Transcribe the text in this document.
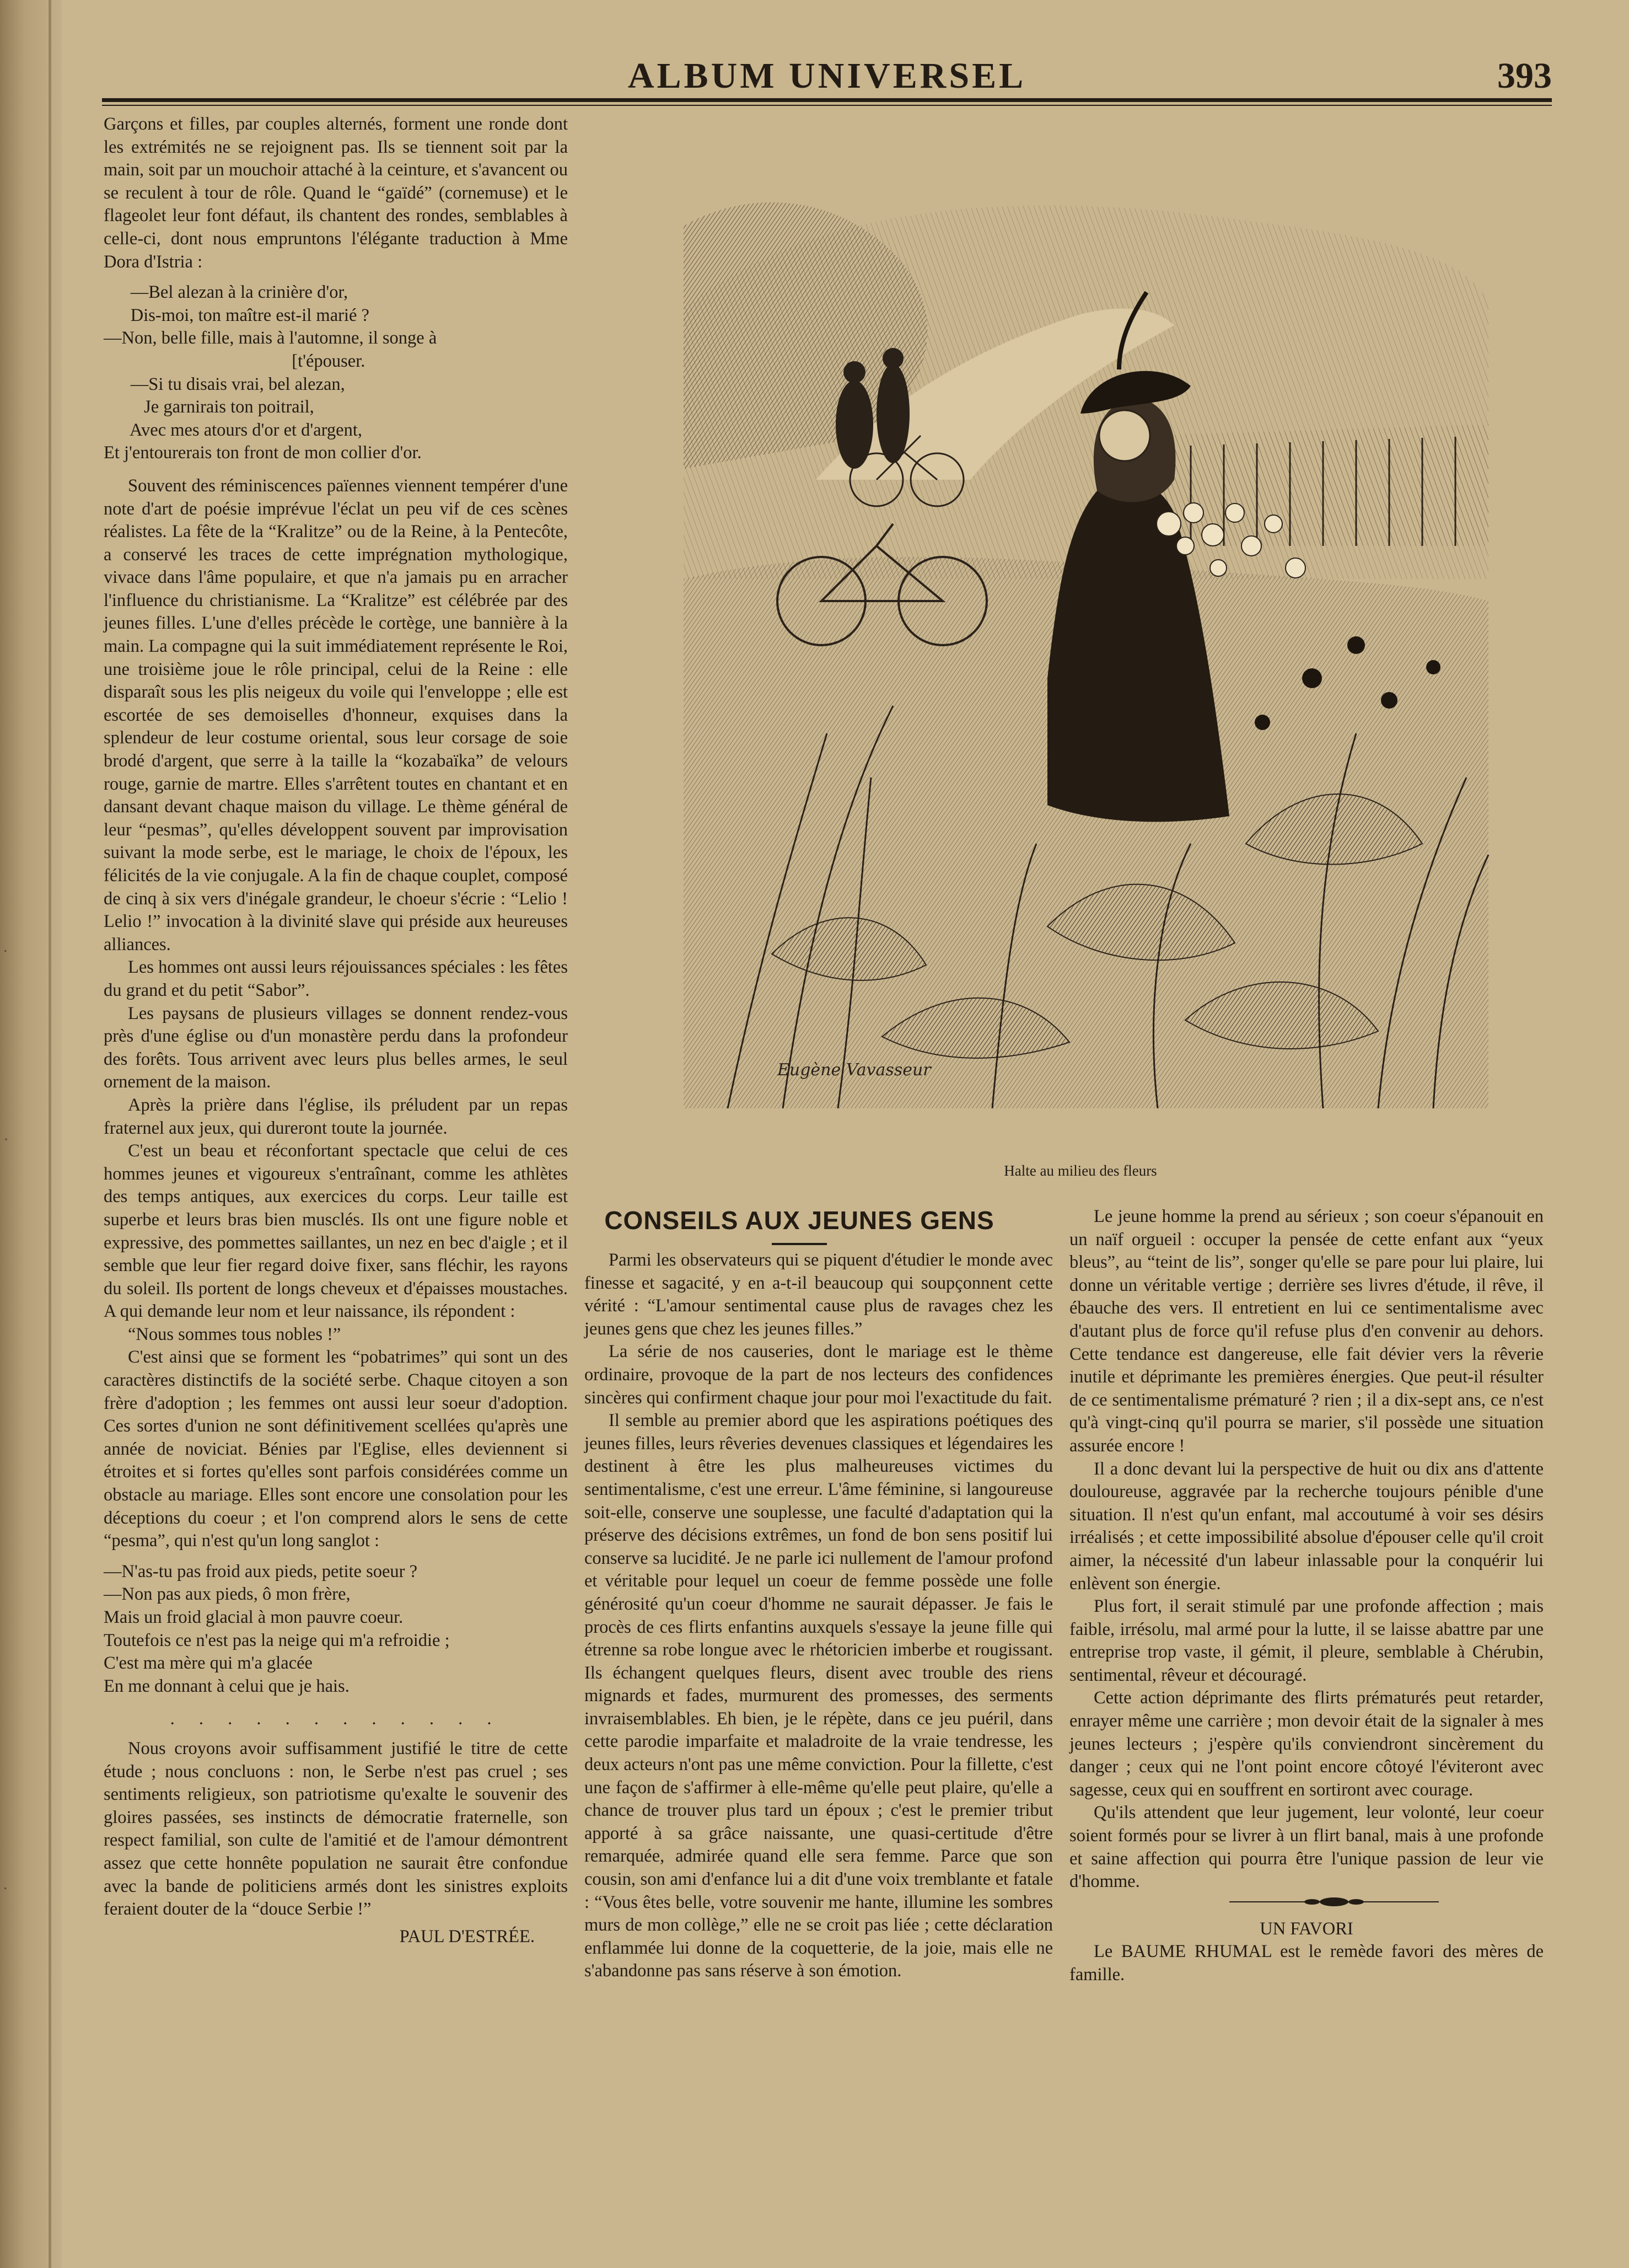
.
·
.
ALBUM UNIVERSEL	393

Garçons et filles, par couples alternés, forment une ronde dont les extrémités ne se rejoignent pas. Ils se tiennent soit par la main, soit par un mouchoir attaché à la ceinture, et s'avancent ou se reculent à tour de rôle. Quand le “gaïdé” (cornemuse) et le flageolet leur font défaut, ils chantent des rondes, semblables à celle-ci, dont nous empruntons l'élégante traduction à Mme Dora d'Istria :

—Bel alezan à la crinière d'or,
Dis-moi, ton maître est-il marié ?
—Non, belle fille, mais à l'automne, il songe à
[t'épouser.
—Si tu disais vrai, bel alezan,
Je garnirais ton poitrail,
Avec mes atours d'or et d'argent,
Et j'entourerais ton front de mon collier d'or.

Souvent des réminiscences païennes viennent tempérer d'une note d'art de poésie imprévue l'éclat un peu vif de ces scènes réalistes. La fête de la “Kralitze” ou de la Reine, à la Pentecôte, a conservé les traces de cette imprégnation mythologique, vivace dans l'âme populaire, et que n'a jamais pu en arracher l'influence du christianisme. La “Kralitze” est célébrée par des jeunes filles. L'une d'elles précède le cortège, une bannière à la main. La compagne qui la suit immédiatement représente le Roi, une troisième joue le rôle principal, celui de la Reine : elle disparaît sous les plis neigeux du voile qui l'enveloppe ; elle est escortée de ses demoiselles d'honneur, exquises dans la splendeur de leur costume oriental, sous leur corsage de soie brodé d'argent, que serre à la taille la “kozabaïka” de velours rouge, garnie de martre. Elles s'arrêtent toutes en chantant et en dansant devant chaque maison du village. Le thème général de leur “pesmas”, qu'elles développent souvent par improvisation suivant la mode serbe, est le mariage, le choix de l'époux, les félicités de la vie conjugale. A la fin de chaque couplet, composé de cinq à six vers d'inégale grandeur, le choeur s'écrie : “Lelio ! Lelio !” invocation à la divinité slave qui préside aux heureuses alliances.

Les hommes ont aussi leurs réjouissances spéciales : les fêtes du grand et du petit “Sabor”.

Les paysans de plusieurs villages se donnent rendez-vous près d'une église ou d'un monastère perdu dans la profondeur des forêts. Tous arrivent avec leurs plus belles armes, le seul ornement de la maison.

Après la prière dans l'église, ils préludent par un repas fraternel aux jeux, qui dureront toute la journée.

C'est un beau et réconfortant spectacle que celui de ces hommes jeunes et vigoureux s'entraînant, comme les athlètes des temps antiques, aux exercices du corps. Leur taille est superbe et leurs bras bien musclés. Ils ont une figure noble et expressive, des pommettes saillantes, un nez en bec d'aigle ; et il semble que leur fier regard doive fixer, sans fléchir, les rayons du soleil. Ils portent de longs cheveux et d'épaisses moustaches. A qui demande leur nom et leur naissance, ils répondent :

“Nous sommes tous nobles !”

C'est ainsi que se forment les “pobatrimes” qui sont un des caractères distinctifs de la société serbe. Chaque citoyen a son frère d'adoption ; les femmes ont aussi leur soeur d'adoption. Ces sortes d'union ne sont définitivement scellées qu'après une année de noviciat. Bénies par l'Eglise, elles deviennent si étroites et si fortes qu'elles sont parfois considérées comme un obstacle au mariage. Elles sont encore une consolation pour les déceptions du coeur ; et l'on comprend alors le sens de cette “pesma”, qui n'est qu'un long sanglot :

—N'as-tu pas froid aux pieds, petite soeur ?
—Non pas aux pieds, ô mon frère,
Mais un froid glacial à mon pauvre coeur.
Toutefois ce n'est pas la neige qui m'a refroidie ;
C'est ma mère qui m'a glacée
En me donnant à celui que je hais.
. . . . . . . . . . . .

Nous croyons avoir suffisamment justifié le titre de cette étude ; nous concluons : non, le Serbe n'est pas cruel ; ses sentiments religieux, son patriotisme qu'exalte le souvenir des gloires passées, ses instincts de démocratie fraternelle, son respect familial, son culte de l'amitié et de l'amour démontrent assez que cette honnête population ne saurait être confondue avec la bande de politiciens armés dont les sinistres exploits feraient douter de la “douce Serbie !”

PAUL D'ESTRÉE.
Eugène Vavasseur
Halte au milieu des fleurs
CONSEILS AUX JEUNES GENS

Parmi les observateurs qui se piquent d'étudier le monde avec finesse et sagacité, y en a-t-il beaucoup qui soupçonnent cette vérité : “L'amour sentimental cause plus de ravages chez les jeunes gens que chez les jeunes filles.”

La série de nos causeries, dont le mariage est le thème ordinaire, provoque de la part de nos lecteurs des confidences sincères qui confirment chaque jour pour moi l'exactitude du fait.

Il semble au premier abord que les aspirations poétiques des jeunes filles, leurs rêveries devenues classiques et légendaires les destinent à être les plus malheureuses victimes du sentimentalisme, c'est une erreur. L'âme féminine, si langoureuse soit-elle, conserve une souplesse, une faculté d'adaptation qui la préserve des décisions extrêmes, un fond de bon sens positif lui conserve sa lucidité. Je ne parle ici nullement de l'amour profond et véritable pour lequel un coeur de femme possède une folle générosité qu'un coeur d'homme ne saurait dépasser. Je fais le procès de ces flirts enfantins auxquels s'essaye la jeune fille qui étrenne sa robe longue avec le rhétoricien imberbe et rougissant. Ils échangent quelques fleurs, disent avec trouble des riens mignards et fades, murmurent des promesses, des serments invraisemblables. Eh bien, je le répète, dans ce jeu puéril, dans cette parodie imparfaite et maladroite de la vraie tendresse, les deux acteurs n'ont pas une même conviction. Pour la fillette, c'est une façon de s'affirmer à elle-même qu'elle peut plaire, qu'elle a chance de trouver plus tard un époux ; c'est le premier tribut apporté à sa grâce naissante, une quasi-certitude d'être remarquée, admirée quand elle sera femme. Parce que son cousin, son ami d'enfance lui a dit d'une voix tremblante et fatale : “Vous êtes belle, votre souvenir me hante, illumine les sombres murs de mon collège,” elle ne se croit pas liée ; cette déclaration enflammée lui donne de la coquetterie, de la joie, mais elle ne s'abandonne pas sans réserve à son émotion.

Le jeune homme la prend au sérieux ; son coeur s'épanouit en un naïf orgueil : occuper la pensée de cette enfant aux “yeux bleus”, au “teint de lis”, songer qu'elle se pare pour lui plaire, lui donne un véritable vertige ; derrière ses livres d'étude, il rêve, il ébauche des vers. Il entretient en lui ce sentimentalisme avec d'autant plus de force qu'il refuse plus d'en convenir au dehors. Cette tendance est dangereuse, elle fait dévier vers la rêverie inutile et déprimante les premières énergies. Que peut-il résulter de ce sentimentalisme prématuré ? rien ; il a dix-sept ans, ce n'est qu'à vingt-cinq qu'il pourra se marier, s'il possède une situation assurée encore !

Il a donc devant lui la perspective de huit ou dix ans d'attente douloureuse, aggravée par la recherche toujours pénible d'une situation. Il n'est qu'un enfant, mal accoutumé à voir ses désirs irréalisés ; et cette impossibilité absolue d'épouser celle qu'il croit aimer, la nécessité d'un labeur inlassable pour la conquérir lui enlèvent son énergie.

Plus fort, il serait stimulé par une profonde affection ; mais faible, irrésolu, mal armé pour la lutte, il se laisse abattre par une entreprise trop vaste, il gémit, il pleure, semblable à Chérubin, sentimental, rêveur et découragé.

Cette action déprimante des flirts prématurés peut retarder, enrayer même une carrière ; mon devoir était de la signaler à mes jeunes lecteurs ; j'espère qu'ils conviendront sincèrement du danger ; ceux qui ne l'ont point encore côtoyé l'éviteront avec sagesse, ceux qui en souffrent en sortiront avec courage.

Qu'ils attendent que leur jugement, leur volonté, leur coeur soient formés pour se livrer à un flirt banal, mais à une profonde et saine affection qui pourra être l'unique passion de leur vie d'homme.

UN FAVORI

Le BAUME RHUMAL est le remède favori des mères de famille.
